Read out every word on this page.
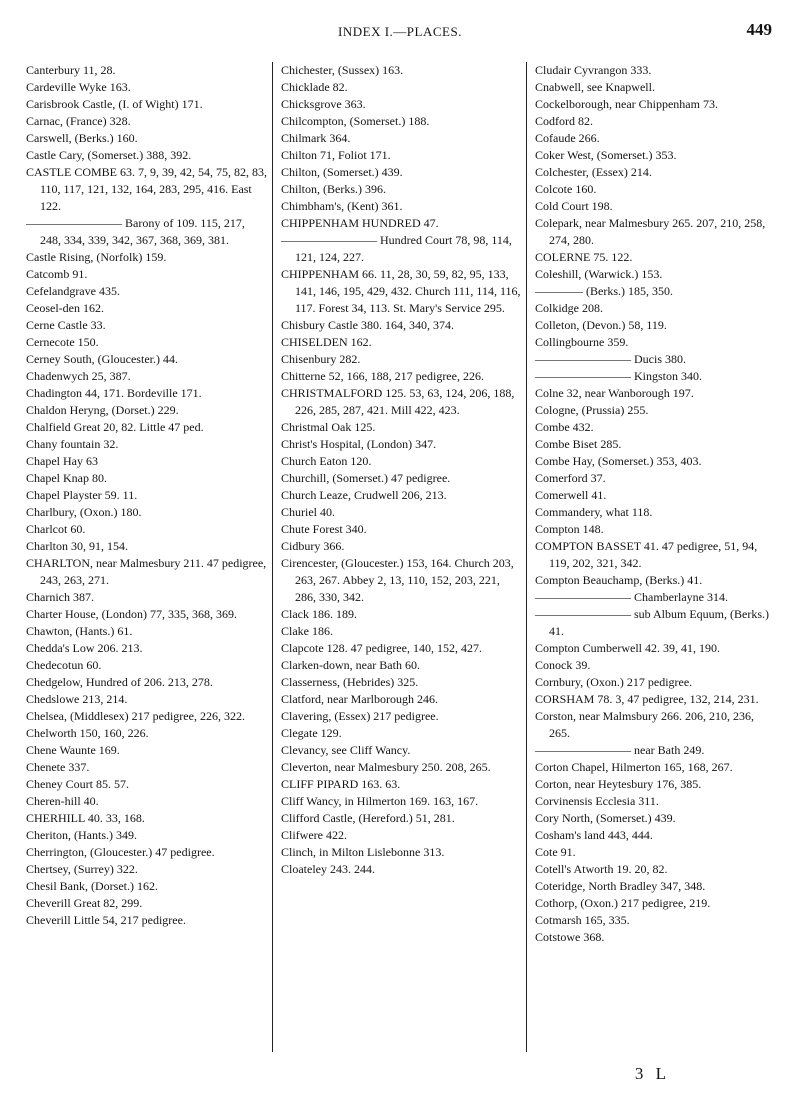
INDEX I.—PLACES.	449
Canterbury 11, 28.
Cardeville Wyke 163.
Carisbrook Castle, (I. of Wight) 171.
Carnac, (France) 328.
Carswell, (Berks.) 160.
Castle Cary, (Somerset.) 388, 392.
CASTLE COMBE 63. 7, 9, 39, 42, 54, 75, 82, 83, 110, 117, 121, 132, 164, 283, 295, 416. East 122.
———————— Barony of 109. 115, 217, 248, 334, 339, 342, 367, 368, 369, 381.
Castle Rising, (Norfolk) 159.
Catcomb 91.
Cefelandgrave 435.
Ceosel-den 162.
Cerne Castle 33.
Cernecote 150.
Cerney South, (Gloucester.) 44.
Chadenwych 25, 387.
Chadington 44, 171. Bordeville 171.
Chaldon Heryng, (Dorset.) 229.
Chalfield Great 20, 82. Little 47 ped.
Chany fountain 32.
Chapel Hay 63
Chapel Knap 80.
Chapel Playster 59. 11.
Charlbury, (Oxon.) 180.
Charlcot 60.
Charlton 30, 91, 154.
CHARLTON, near Malmesbury 211. 47 pedigree, 243, 263, 271.
Charnich 387.
Charter House, (London) 77, 335, 368, 369.
Chawton, (Hants.) 61.
Chedda's Low 206. 213.
Chedecotun 60.
Chedgelow, Hundred of 206. 213, 278.
Chedslowe 213, 214.
Chelsea, (Middlesex) 217 pedigree, 226, 322.
Chelworth 150, 160, 226.
Chene Waunte 169.
Chenete 337.
Cheney Court 85. 57.
Cheren-hill 40.
CHERHILL 40. 33, 168.
Cheriton, (Hants.) 349.
Cherrington, (Gloucester.) 47 pedigree.
Chertsey, (Surrey) 322.
Chesil Bank, (Dorset.) 162.
Cheverill Great 82, 299.
Cheverill Little 54, 217 pedigree.
Chichester, (Sussex) 163.
Chicklade 82.
Chicksgrove 363.
Chilcompton, (Somerset.) 188.
Chilmark 364.
Chilton 71, Foliot 171.
Chilton, (Somerset.) 439.
Chilton, (Berks.) 396.
Chimbham's, (Kent) 361.
CHIPPENHAM HUNDRED 47.
———————— Hundred Court 78, 98, 114, 121, 124, 227.
CHIPPENHAM 66. 11, 28, 30, 59, 82, 95, 133, 141, 146, 195, 429, 432. Church 111, 114, 116, 117. Forest 34, 113. St. Mary's Service 295.
Chisbury Castle 380. 164, 340, 374.
CHISELDEN 162.
Chisenbury 282.
Chitterne 52, 166, 188, 217 pedigree, 226.
CHRISTMALFORD 125. 53, 63, 124, 206, 188, 226, 285, 287, 421. Mill 422, 423.
Christmal Oak 125.
Christ's Hospital, (London) 347.
Church Eaton 120.
Churchill, (Somerset.) 47 pedigree.
Church Leaze, Crudwell 206, 213.
Churiel 40.
Chute Forest 340.
Cidbury 366.
Cirencester, (Gloucester.) 153, 164. Church 203, 263, 267. Abbey 2, 13, 110, 152, 203, 221, 286, 330, 342.
Clack 186. 189.
Clake 186.
Clapcote 128. 47 pedigree, 140, 152, 427.
Clarken-down, near Bath 60.
Classerness, (Hebrides) 325.
Clatford, near Marlborough 246.
Clavering, (Essex) 217 pedigree.
Clegate 129.
Clevancy, see Cliff Wancy.
Cleverton, near Malmesbury 250. 208, 265.
CLIFF PIPARD 163. 63.
Cliff Wancy, in Hilmerton 169. 163, 167.
Clifford Castle, (Hereford.) 51, 281.
Clifwere 422.
Clinch, in Milton Lislebonne 313.
Cloateley 243. 244.
Cludair Cyvrangon 333.
Cnabwell, see Knapwell.
Cockelborough, near Chippenham 73.
Codford 82.
Cofaude 266.
Coker West, (Somerset.) 353.
Colchester, (Essex) 214.
Colcote 160.
Cold Court 198.
Colepark, near Malmesbury 265. 207, 210, 258, 274, 280.
COLERNE 75. 122.
Coleshill, (Warwick.) 153.
———— (Berks.) 185, 350.
Colkidge 208.
Colleton, (Devon.) 58, 119.
Collingbourne 359.
———————— Ducis 380.
———————— Kingston 340.
Colne 32, near Wanborough 197.
Cologne, (Prussia) 255.
Combe 432.
Combe Biset 285.
Combe Hay, (Somerset.) 353, 403.
Comerford 37.
Comerwell 41.
Commandery, what 118.
Compton 148.
COMPTON BASSET 41. 47 pedigree, 51, 94, 119, 202, 321, 342.
Compton Beauchamp, (Berks.) 41.
———————— Chamberlayne 314.
———————— sub Album Equum, (Berks.) 41.
Compton Cumberwell 42. 39, 41, 190.
Conock 39.
Cornbury, (Oxon.) 217 pedigree.
CORSHAM 78. 3, 47 pedigree, 132, 214, 231.
Corston, near Malmsbury 266. 206, 210, 236, 265.
———————— near Bath 249.
Corton Chapel, Hilmerton 165, 168, 267.
Corton, near Heytesbury 176, 385.
Corvinensis Ecclesia 311.
Cory North, (Somerset.) 439.
Cosham's land 443, 444.
Cote 91.
Cotell's Atworth 19. 20, 82.
Coteridge, North Bradley 347, 348.
Cothorp, (Oxon.) 217 pedigree, 219.
Cotmarsh 165, 335.
Cotstowe 368.
3 L
